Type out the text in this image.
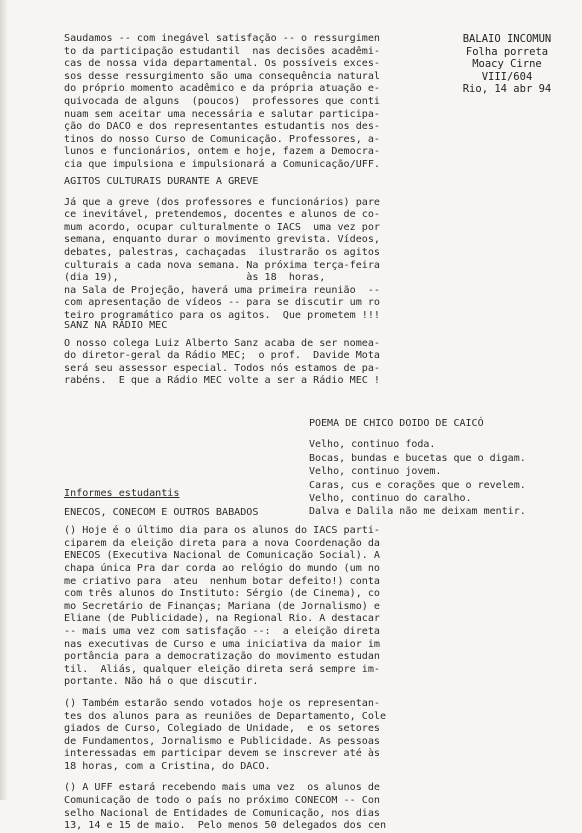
BALAIO INCOMUN
Folha porreta
Moacy Cirne
VIII/604
Rio, 14 abr 94
Saudamos -- com inegável satisfação -- o ressurgimen
to da participação estudantil  nas decisões acadêmi-
cas de nossa vida departamental. Os possíveis exces-
sos desse ressurgimento são uma consequência natural
do próprio momento acadêmico e da própria atuação e-
quivocada de alguns  (poucos)  professores que conti
nuam sem aceitar uma necessária e salutar participa-
ção do DACO e dos representantes estudantis nos des-
tinos do nosso Curso de Comunicação. Professores, a-
lunos e funcionários, ontem e hoje, fazem a Democra-
cia que impulsiona e impulsionará a Comunicação/UFF.
AGITOS CULTURAIS DURANTE A GREVE
Já que a greve (dos professores e funcionários) pare
ce inevitável, pretendemos, docentes e alunos de co-
mum acordo, ocupar culturalmente o IACS  uma vez por
semana, enquanto durar o movimento grevista. Vídeos,
debates, palestras, cachaçadas  ilustrarão os agitos
culturais a cada nova semana. Na próxima terça-feira
(dia 19),                     às 18  horas,
na Sala de Projeção, haverá uma primeira reunião  --
com apresentação de vídeos -- para se discutir um ro
teiro programático para os agitos.  Que prometem !!!
SANZ NA RÁDIO MEC
O nosso colega Luiz Alberto Sanz acaba de ser nomea-
do diretor-geral da Rádio MEC;  o prof.  Davide Mota
será seu assessor especial. Todos nós estamos de pa-
rabéns.  E que a Rádio MEC volte a ser a Rádio MEC !
POEMA DE CHICO DOIDO DE CAICÓ
Velho, continuo foda.
Bocas, bundas e bucetas que o digam.
Velho, continuo jovem.
Caras, cus e corações que o revelem.
Velho, continuo do caralho.
Dalva e Dalila não me deixam mentir.
Informes estudantis
ENECOS, CONECOM E OUTROS BABADOS
() Hoje é o último dia para os alunos do IACS parti-
ciparem da eleição direta para a nova Coordenação da
ENECOS (Executiva Nacional de Comunicação Social). A
chapa única Pra dar corda ao relógio do mundo (um no
me criativo para  ateu  nenhum botar defeito!) conta
com três alunos do Instituto: Sérgio (de Cinema), co
mo Secretário de Finanças; Mariana (de Jornalismo) e
Eliane (de Publicidade), na Regional Rio. A destacar
-- mais uma vez com satisfação --:  a eleição direta
nas executivas de Curso e uma iniciativa da maior im
portância para a democratização do movimento estudan
til.  Aliás, qualquer eleição direta será sempre im-
portante. Não há o que discutir.
() Também estarão sendo votados hoje os representan-
tes dos alunos para as reuniões de Departamento, Cole
giados de Curso, Colegiado de Unidade,  e os setores
de Fundamentos, Jornalismo e Publicidade. As pessoas
interessadas em participar devem se inscrever até às
18 horas, com a Cristina, do DACO.
() A UFF estará recebendo mais uma vez  os alunos de
Comunicação de todo o país no próximo CONECOM -- Con
selho Nacional de Entidades de Comunicação, nos dias
13, 14 e 15 de maio.  Pelo menos 50 delegados dos cen
